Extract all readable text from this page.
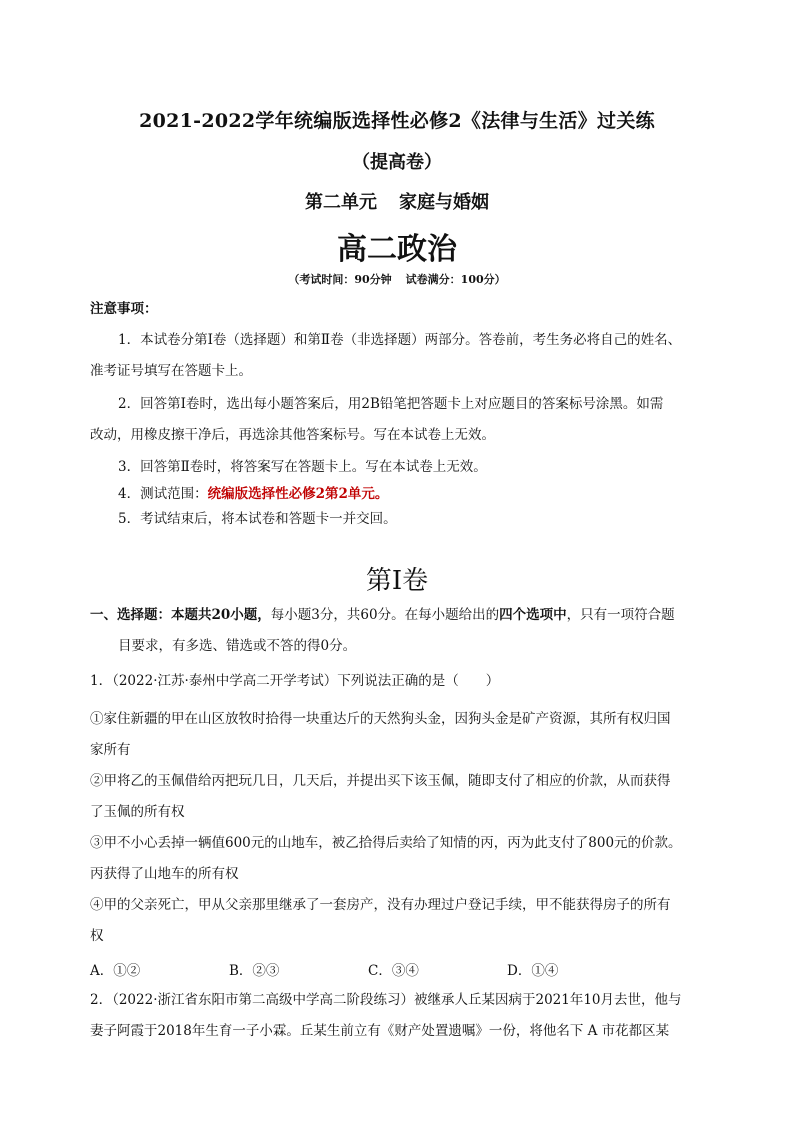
2021-2022学年统编版选择性必修2《法律与生活》过关练
（提高卷）
第二单元 家庭与婚姻
高二政治
（考试时间：90分钟 试卷满分：100分）
注意事项：
1．本试卷分第Ⅰ卷（选择题）和第Ⅱ卷（非选择题）两部分。答卷前，考生务必将自己的姓名、
准考证号填写在答题卡上。
2．回答第Ⅰ卷时，选出每小题答案后，用2B铅笔把答题卡上对应题目的答案标号涂黑。如需
改动，用橡皮擦干净后，再选涂其他答案标号。写在本试卷上无效。
3．回答第Ⅱ卷时，将答案写在答题卡上。写在本试卷上无效。
4．测试范围：统编版选择性必修2第2单元。
5．考试结束后，将本试卷和答题卡一并交回。
第Ⅰ卷
一、选择题：本题共20小题，每小题3分，共60分。在每小题给出的四个选项中，只有一项符合题
目要求，有多选、错选或不答的得0分。
1．（2022·江苏·泰州中学高二开学考试）下列说法正确的是（　　）
①家住新疆的甲在山区放牧时拾得一块重达斤的天然狗头金，因狗头金是矿产资源，其所有权归国
家所有
②甲将乙的玉佩借给丙把玩几日，几天后，并提出买下该玉佩，随即支付了相应的价款，从而获得
了玉佩的所有权
③甲不小心丢掉一辆值600元的山地车，被乙拾得后卖给了知情的丙，丙为此支付了800元的价款。
丙获得了山地车的所有权
④甲的父亲死亡，甲从父亲那里继承了一套房产，没有办理过户登记手续，甲不能获得房子的所有
权
A．①②	B．②③	C．③④	D．①④
2．（2022·浙江省东阳市第二高级中学高二阶段练习）被继承人丘某因病于2021年10月去世，他与
妻子阿霞于2018年生育一子小霖。丘某生前立有《财产处置遗嘱》一份，将他名下 A 市花都区某
